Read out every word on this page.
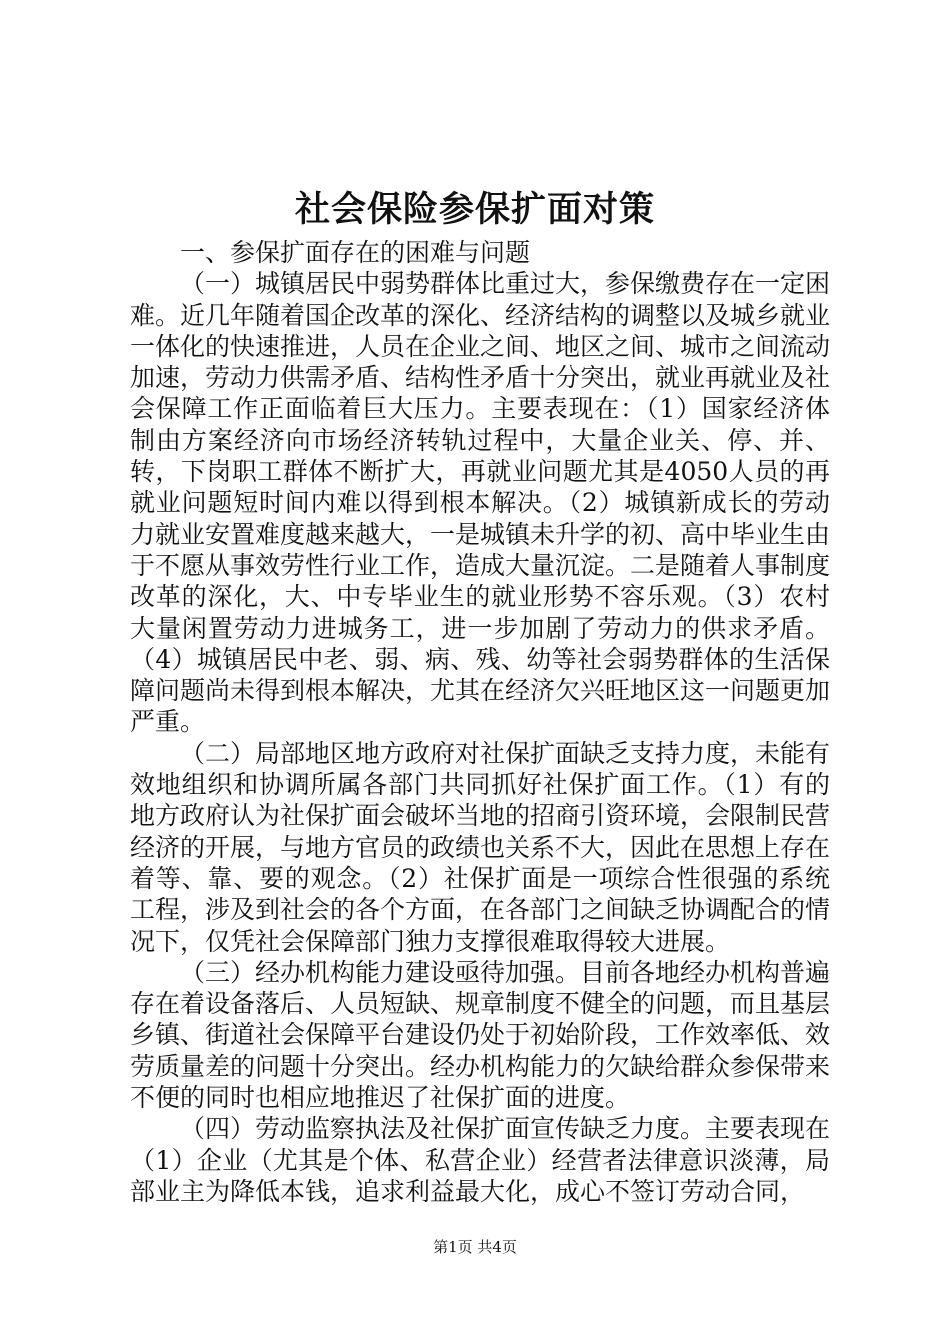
社会保险参保扩面对策

一、参保扩面存在的困难与问题

（一）城镇居民中弱势群体比重过大，参保缴费存在一定困难。近几年随着国企改革的深化、经济结构的调整以及城乡就业一体化的快速推进，人员在企业之间、地区之间、城市之间流动加速，劳动力供需矛盾、结构性矛盾十分突出，就业再就业及社会保障工作正面临着巨大压力。主要表现在：（1）国家经济体制由方案经济向市场经济转轨过程中，大量企业关、停、并、转，下岗职工群体不断扩大，再就业问题尤其是4050人员的再就业问题短时间内难以得到根本解决。（2）城镇新成长的劳动力就业安置难度越来越大，一是城镇未升学的初、高中毕业生由于不愿从事效劳性行业工作，造成大量沉淀。二是随着人事制度改革的深化，大、中专毕业生的就业形势不容乐观。（3）农村大量闲置劳动力进城务工，进一步加剧了劳动力的供求矛盾。（4）城镇居民中老、弱、病、残、幼等社会弱势群体的生活保障问题尚未得到根本解决，尤其在经济欠兴旺地区这一问题更加严重。

（二）局部地区地方政府对社保扩面缺乏支持力度，未能有效地组织和协调所属各部门共同抓好社保扩面工作。（1）有的地方政府认为社保扩面会破坏当地的招商引资环境，会限制民营经济的开展，与地方官员的政绩也关系不大，因此在思想上存在着等、靠、要的观念。（2）社保扩面是一项综合性很强的系统工程，涉及到社会的各个方面，在各部门之间缺乏协调配合的情况下，仅凭社会保障部门独力支撑很难取得较大进展。

（三）经办机构能力建设亟待加强。目前各地经办机构普遍存在着设备落后、人员短缺、规章制度不健全的问题，而且基层乡镇、街道社会保障平台建设仍处于初始阶段，工作效率低、效劳质量差的问题十分突出。经办机构能力的欠缺给群众参保带来不便的同时也相应地推迟了社保扩面的进度。

（四）劳动监察执法及社保扩面宣传缺乏力度。主要表现在（1）企业（尤其是个体、私营企业）经营者法律意识淡薄，局部业主为降低本钱，追求利益最大化，成心不签订劳动合同，

第1页 共4页
